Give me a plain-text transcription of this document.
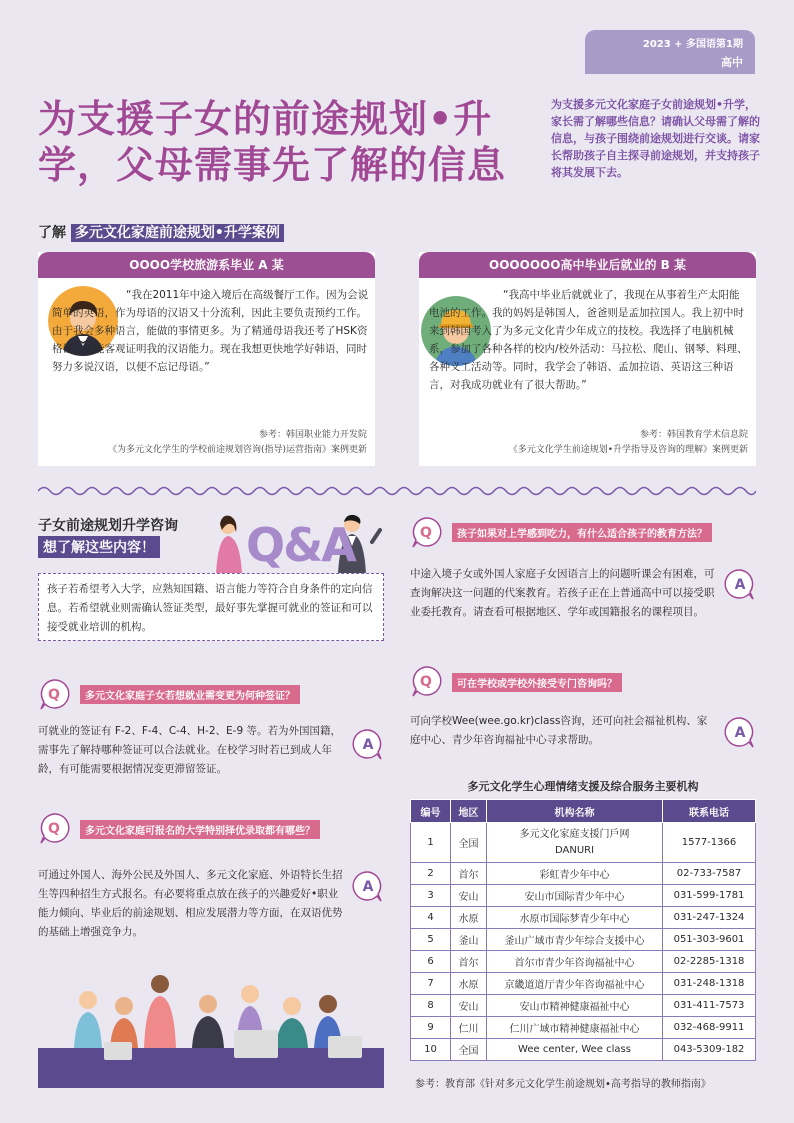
2023 + 多国语第1期
高中
为支援子女的前途规划•升学，父母需事先了解的信息
为支援多元文化家庭子女前途规划•升学，家长需了解哪些信息？请确认父母需了解的信息，与孩子围绕前途规划进行交谈。请家长帮助孩子自主探寻前途规划，并支持孩子将其发展下去。
了解 多元文化家庭前途规划•升学案例
OOOO学校旅游系毕业 A 某
“我在2011年中途入境后在高级餐厅工作。因为会说简单的英语，作为母语的汉语又十分流利，因此主要负责预约工作。由于我会多种语言，能做的事情更多。为了精通母语我还考了HSK资格证，更能客观证明我的汉语能力。现在我想更快地学好韩语，同时努力多说汉语，以便不忘记母语。”
参考：韩国职业能力开发院
《为多元文化学生的学校前途规划咨询(指导)运营指南》案例更新
OOOOOOO高中毕业后就业的 B 某
“我高中毕业后就就业了，我现在从事着生产太阳能电池的工作。我的妈妈是韩国人，爸爸则是孟加拉国人。我上初中时来到韩国考入了为多元文化青少年成立的技校。我选择了电脑机械系，参加了各种各样的校内/校外活动：马拉松、爬山、钢琴、料理、各种义工活动等。同时，我学会了韩语、孟加拉语、英语这三种语言，对我成功就业有了很大帮助。”
参考：韩国教育学术信息院
《多元文化学生前途规划•升学指导及咨询的理解》案例更新
子女前途规划升学咨询
想了解这些内容！ Q&A
孩子若希望考入大学，应熟知国籍、语言能力等符合自身条件的定向信息。若希望就业则需确认签证类型，最好事先掌握可就业的签证和可以接受就业培训的机构。
Q	多元文化家庭子女若想就业需变更为何种签证？
可就业的签证有 F-2、F-4、C-4、H-2、E-9 等。若为外国国籍，需事先了解持哪种签证可以合法就业。在校学习时若已到成人年龄，有可能需要根据情况变更滞留签证。
A
Q	多元文化家庭可报名的大学特别择优录取都有哪些？
可通过外国人、海外公民及外国人、多元文化家庭、外语特长生招生等四种招生方式报名。有必要将重点放在孩子的兴趣爱好•职业能力倾向、毕业后的前途规划、相应发展潜力等方面，在双语优势的基础上增强竞争力。
A
Q	孩子如果对上学感到吃力，有什么适合孩子的教育方法？
中途入境子女或外国人家庭子女因语言上的问题听课会有困难，可查询解决这一问题的代案教育。若孩子正在上普通高中可以接受职业委托教育。请查看可根据地区、学年或国籍报名的课程项目。
A
Q	可在学校或学校外接受专门咨询吗？
可向学校Wee(wee.go.kr)class咨询，还可向社会福祉机构、家庭中心、青少年咨询福祉中心寻求帮助。	A
多元文化学生心理情绪支援及综合服务主要机构
编号	地区	机构名称	联系电话
1	全国	多元文化家庭支援门戶网 DANURI	1577-1366
2	首尔	彩虹青少年中心	02-733-7587
3	安山	安山市国际青少年中心	031-599-1781
4	水原	水原市国际梦青少年中心	031-247-1324
5	釜山	釜山广域市青少年综合支援中心	051-303-9601
6	首尔	首尔市青少年咨询福祉中心	02-2285-1318
7	水原	京畿道道厅青少年咨询福祉中心	031-248-1318
8	安山	安山市精神健康福祉中心	031-411-7573
9	仁川	仁川广域市精神健康福祉中心	032-468-9911
10	全国	Wee center, Wee class	043-5309-182
参考：教育部《针对多元文化学生前途规划•高考指导的教师指南》
